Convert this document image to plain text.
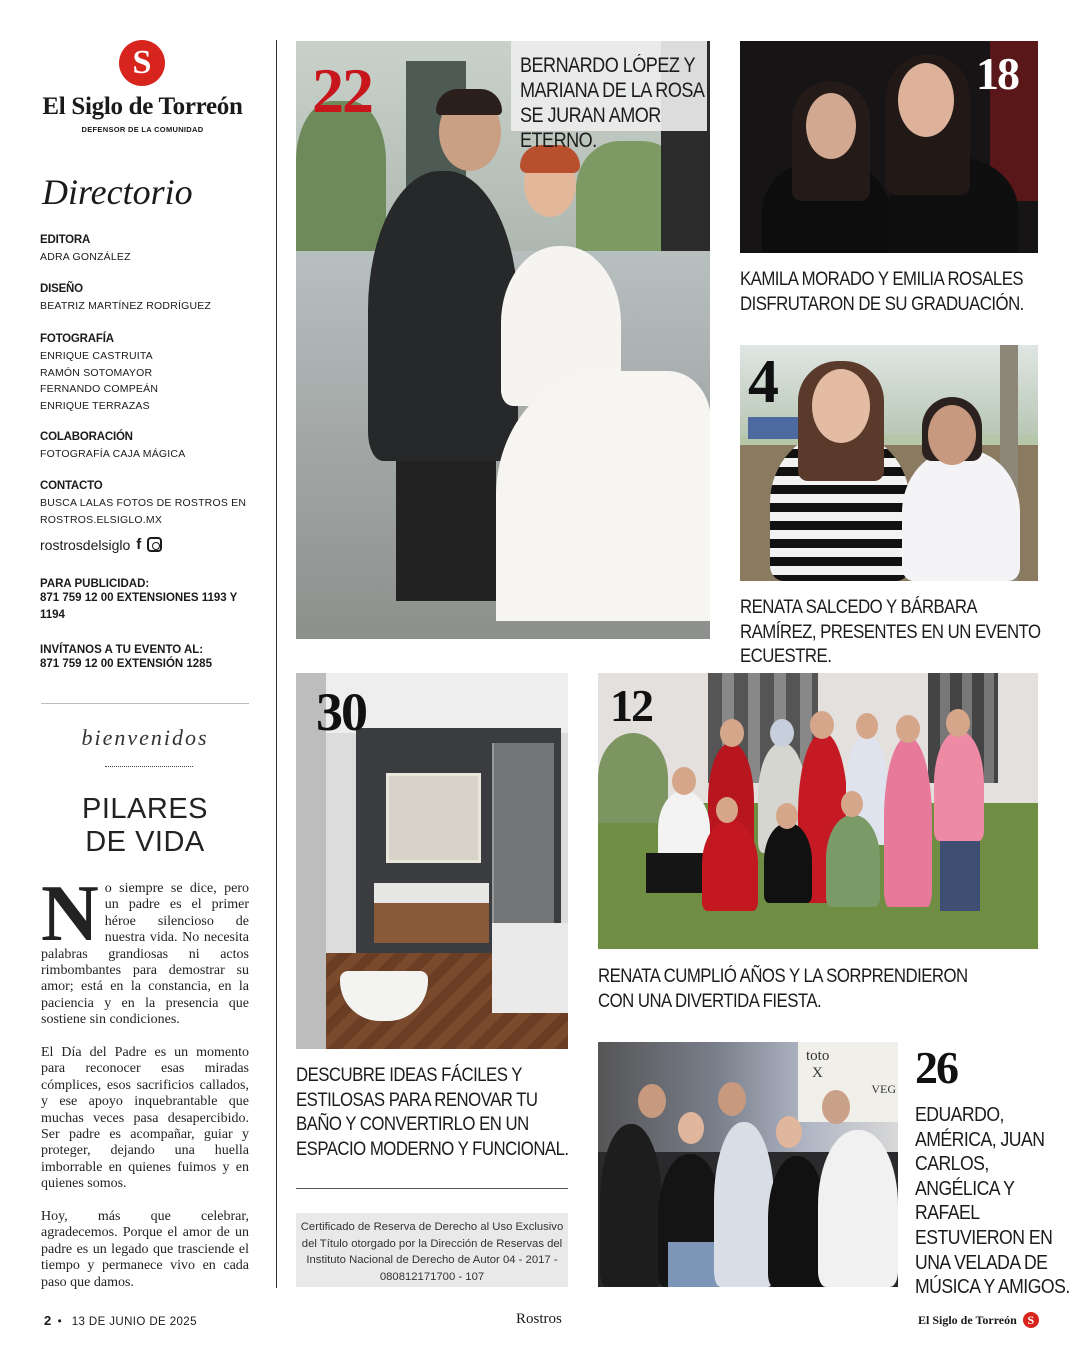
S
El Siglo de Torreón
DEFENSOR DE LA COMUNIDAD
Directorio
EDITORA
ADRA GONZÁLEZ
DISEÑO
BEATRIZ MARTÍNEZ RODRÍGUEZ
FOTOGRAFÍA
ENRIQUE CASTRUITA
RAMÓN SOTOMAYOR
FERNANDO COMPEÁN
ENRIQUE TERRAZAS
COLABORACIÓN
FOTOGRAFÍA CAJA MÁGICA
CONTACTO
BUSCA LALAS FOTOS DE ROSTROS EN
ROSTROS.ELSIGLO.MX
rostrosdelsiglo f
PARA PUBLICIDAD:
871 759 12 00 EXTENSIONES 1193 Y 1194
INVÍTANOS A TU EVENTO AL:
871 759 12 00 EXTENSIÓN 1285
bienvenidos
PILARES
DE VIDA
No siempre se dice, pero un padre es el primer héroe silencioso de nuestra vida. No necesita palabras grandiosas ni actos rimbombantes para demostrar su amor; está en la constancia, en la paciencia y en la presencia que sostiene sin condiciones.
El Día del Padre es un momento para reconocer esas miradas cómplices, esos sacrificios callados, y ese apoyo inquebrantable que muchas veces pasa desapercibido. Ser padre es acompañar, guiar y proteger, dejando una huella imborrable en quienes fuimos y en quienes somos.
Hoy, más que celebrar, agradecemos. Porque el amor de un padre es un legado que trasciende el tiempo y permanece vivo en cada paso que damos.
22	BERNARDO LÓPEZ Y MARIANA DE LA ROSA SE JURAN AMOR ETERNO.
18
KAMILA MORADO Y EMILIA ROSALES DISFRUTARON DE SU GRADUACIÓN.
4
RENATA SALCEDO Y BÁRBARA RAMÍREZ, PRESENTES EN UN EVENTO ECUESTRE.
30
DESCUBRE IDEAS FÁCILES Y ESTILOSAS PARA RENOVAR TU BAÑO Y CONVERTIRLO EN UN ESPACIO MODERNO Y FUNCIONAL.
12
RENATA CUMPLIÓ AÑOS Y LA SORPRENDIERON CON UNA DIVERTIDA FIESTA.
toto
X
VEG 26
EDUARDO, AMÉRICA, JUAN CARLOS, ANGÉLICA Y RAFAEL ESTUVIERON EN UNA VELADA DE MÚSICA Y AMIGOS.
Certificado de Reserva de Derecho al Uso Exclusivo del Título otorgado por la Dirección de Reservas del Instituto Nacional de Derecho de Autor 04 - 2017 - 080812171700 - 107
2 • 13 DE JUNIO DE 2025	Rostros	El Siglo de Torreón S
